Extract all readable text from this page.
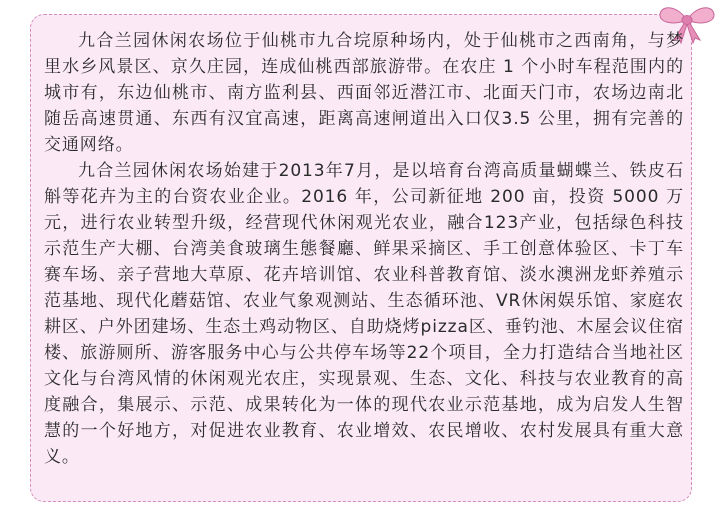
九合兰园休闲农场位于仙桃市九合垸原种场内，处于仙桃市之西南角，与梦里水乡风景区、京久庄园，连成仙桃西部旅游带。在农庄 1 个小时车程范围内的城市有，东边仙桃市、南方监利县、西面邻近潜江市、北面天门市，农场边南北随岳高速贯通、东西有汉宜高速，距离高速闸道出入口仅3.5 公里，拥有完善的交通网络。

九合兰园休闲农场始建于2013年7月，是以培育台湾高质量蝴蝶兰、铁皮石斛等花卉为主的台资农业企业。2016 年，公司新征地 200 亩，投资 5000 万元，进行农业转型升级，经营现代休闲观光农业，融合123产业，包括绿色科技示范生产大棚、台湾美食玻璃生態餐廳、鲜果采摘区、手工创意体验区、卡丁车赛车场、亲子营地大草原、花卉培训馆、农业科普教育馆、淡水澳洲龙虾养殖示范基地、现代化蘑菇馆、农业气象观测站、生态循环池、VR休闲娱乐馆、家庭农耕区、户外团建场、生态土鸡动物区、自助烧烤pizza区、垂钓池、木屋会议住宿楼、旅游厕所、游客服务中心与公共停车场等22个项目，全力打造结合当地社区文化与台湾风情的休闲观光农庄，实现景观、生态、文化、科技与农业教育的高度融合，集展示、示范、成果转化为一体的现代农业示范基地，成为启发人生智慧的一个好地方，对促进农业教育、农业增效、农民增收、农村发展具有重大意义。
